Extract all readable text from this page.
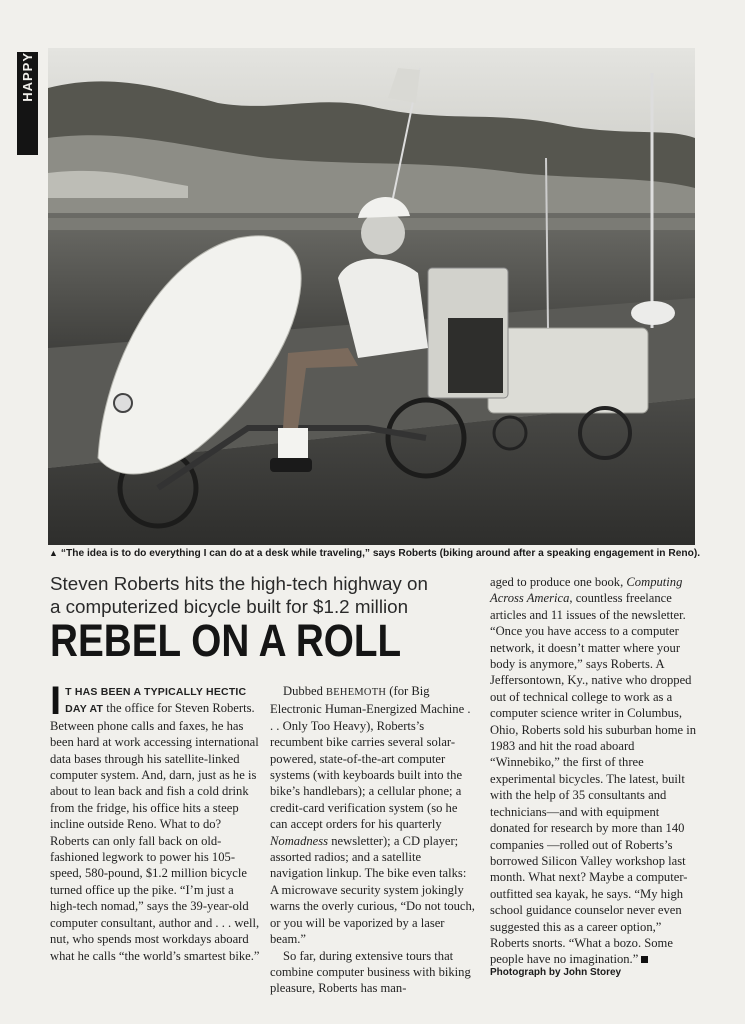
HAPPY
▲ “The idea is to do everything I can do at a desk while traveling,” says Roberts (biking around after a speaking engagement in Reno).
Steven Roberts hits the high-tech highway on
a computerized bicycle built for $1.2 million
REBEL ON A ROLL

I T HAS BEEN A TYPICALLY HECTIC DAY AT the office for Steven Roberts. Between phone calls and faxes, he has been hard at work accessing international data bases through his satellite-linked computer system. And, darn, just as he is about to lean back and fish a cold drink from the fridge, his office hits a steep incline outside Reno. What to do? Roberts can only fall back on old-fashioned legwork to power his 105-speed, 580-pound, $1.2 million bicycle turned office up the pike. “I’m just a high-tech nomad,” says the 39-year-old computer consultant, author and . . . well, nut, who spends most workdays aboard what he calls “the world’s smartest bike.”

Dubbed BEHEMOTH (for Big Electronic Human-Energized Machine . . . Only Too Heavy), Roberts’s recumbent bike carries several solar-powered, state-of-the-art computer systems (with keyboards built into the bike’s handlebars); a cellular phone; a credit-card verification system (so he can accept orders for his quarterly Nomadness newsletter); a CD player; assorted radios; and a satellite navigation linkup. The bike even talks: A microwave security system jokingly warns the overly curious, “Do not touch, or you will be vaporized by a laser beam.”

So far, during extensive tours that combine computer business with biking pleasure, Roberts has man-

aged to produce one book, Computing Across America, countless freelance articles and 11 issues of the newsletter. “Once you have access to a computer network, it doesn’t matter where your body is anymore,” says Roberts. A Jeffersontown, Ky., native who dropped out of technical college to work as a computer science writer in Columbus, Ohio, Roberts sold his suburban home in 1983 and hit the road aboard “Winnebiko,” the first of three experimental bicycles. The latest, built with the help of 35 consultants and technicians—and with equipment donated for research by more than 140 companies —rolled out of Roberts’s borrowed Silicon Valley workshop last month. What next? Maybe a computer-outfitted sea kayak, he says. “My high school guidance counselor never even suggested this as a career option,” Roberts snorts. “What a bozo. Some people have no imagination.”

Photograph by John Storey
